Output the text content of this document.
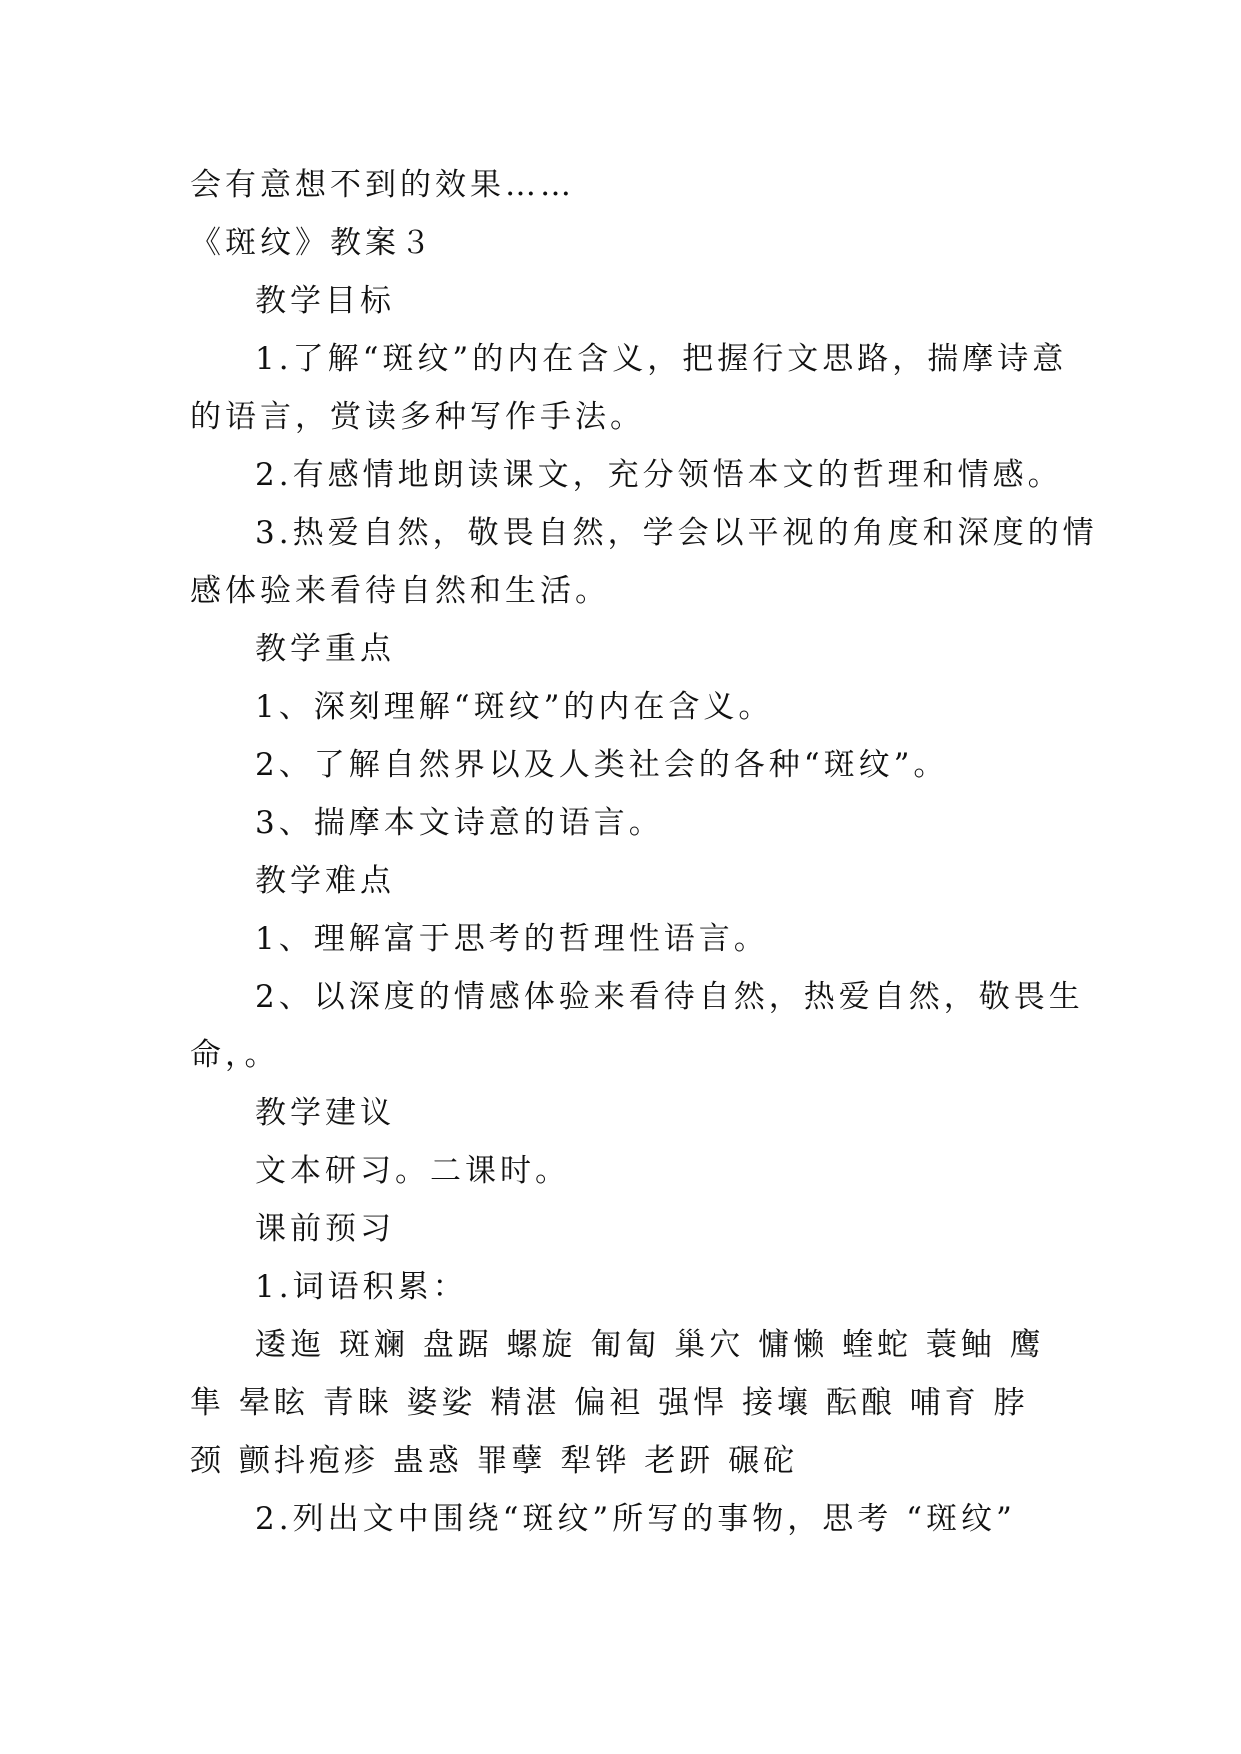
会有意想不到的效果……
《斑纹》教案３
教学目标
1.了解“斑纹”的内在含义，把握行文思路，揣摩诗意
的语言，赏读多种写作手法。
2.有感情地朗读课文，充分领悟本文的哲理和情感。
3.热爱自然，敬畏自然，学会以平视的角度和深度的情
感体验来看待自然和生活。
教学重点
1、深刻理解“斑纹”的内在含义。
2、了解自然界以及人类社会的各种“斑纹”。
3、揣摩本文诗意的语言。
教学难点
1、理解富于思考的哲理性语言。
2、以深度的情感体验来看待自然，热爱自然，敬畏生
命，。
教学建议
文本研习。二课时。
课前预习
1.词语积累：
逶迤 斑斓 盘踞 螺旋 匍匐 巢穴 慵懒 蝰蛇 蓑鲉 鹰
隼 晕眩 青睐 婆娑 精湛 偏袒 强悍 接壤 酝酿 哺育 脖
颈 颤抖疱疹 蛊惑 罪孽 犁铧 老趼 碾砣
2.列出文中围绕“斑纹”所写的事物，思考 “斑纹”
